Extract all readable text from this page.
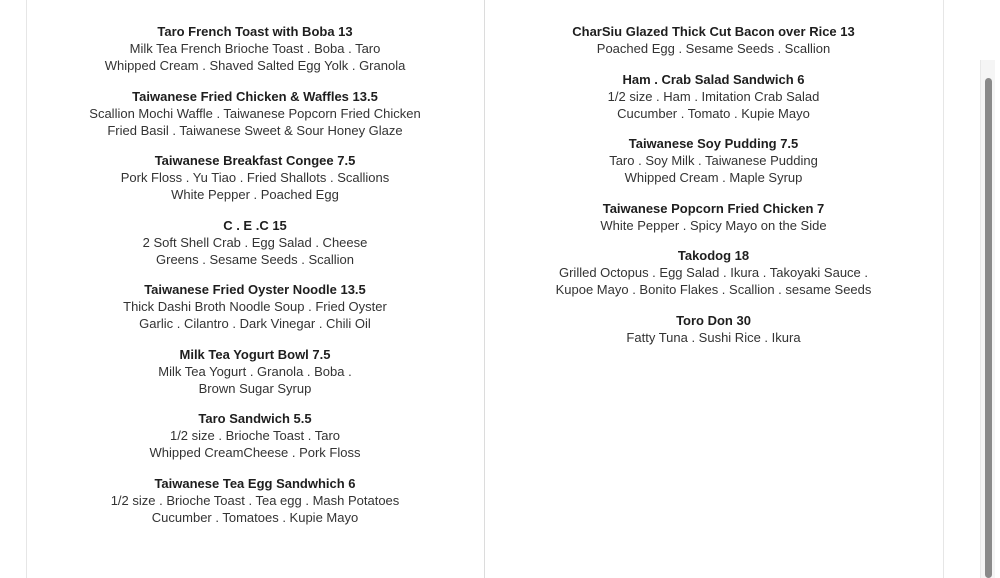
Taro French Toast with Boba 13
Milk Tea French Brioche Toast . Boba . Taro
Whipped Cream . Shaved Salted Egg Yolk . Granola
Taiwanese Fried Chicken & Waffles 13.5
Scallion Mochi Waffle . Taiwanese Popcorn Fried Chicken
Fried Basil . Taiwanese Sweet & Sour Honey Glaze
Taiwanese Breakfast Congee 7.5
Pork Floss . Yu Tiao . Fried Shallots . Scallions
White Pepper . Poached Egg
C . E .C 15
2 Soft Shell Crab . Egg Salad . Cheese
Greens . Sesame Seeds . Scallion
Taiwanese Fried Oyster Noodle 13.5
Thick Dashi Broth Noodle Soup . Fried Oyster
Garlic . Cilantro . Dark Vinegar . Chili Oil
Milk Tea Yogurt Bowl 7.5
Milk Tea Yogurt . Granola . Boba .
Brown Sugar Syrup
Taro Sandwich 5.5
1/2 size . Brioche Toast . Taro
Whipped CreamCheese . Pork Floss
Taiwanese Tea Egg Sandwhich 6
1/2 size . Brioche Toast . Tea egg . Mash Potatoes
Cucumber . Tomatoes . Kupie Mayo
CharSiu Glazed Thick Cut Bacon over Rice 13
Poached Egg . Sesame Seeds . Scallion
Ham . Crab Salad Sandwich 6
1/2 size . Ham . Imitation Crab Salad
Cucumber . Tomato . Kupie Mayo
Taiwanese Soy Pudding 7.5
Taro . Soy Milk . Taiwanese Pudding
Whipped Cream . Maple Syrup
Taiwanese Popcorn Fried Chicken 7
White Pepper . Spicy Mayo on the Side
Takodog 18
Grilled Octopus . Egg Salad . Ikura . Takoyaki Sauce .
Kupoe Mayo . Bonito Flakes . Scallion . sesame Seeds
Toro Don 30
Fatty Tuna . Sushi Rice . Ikura
